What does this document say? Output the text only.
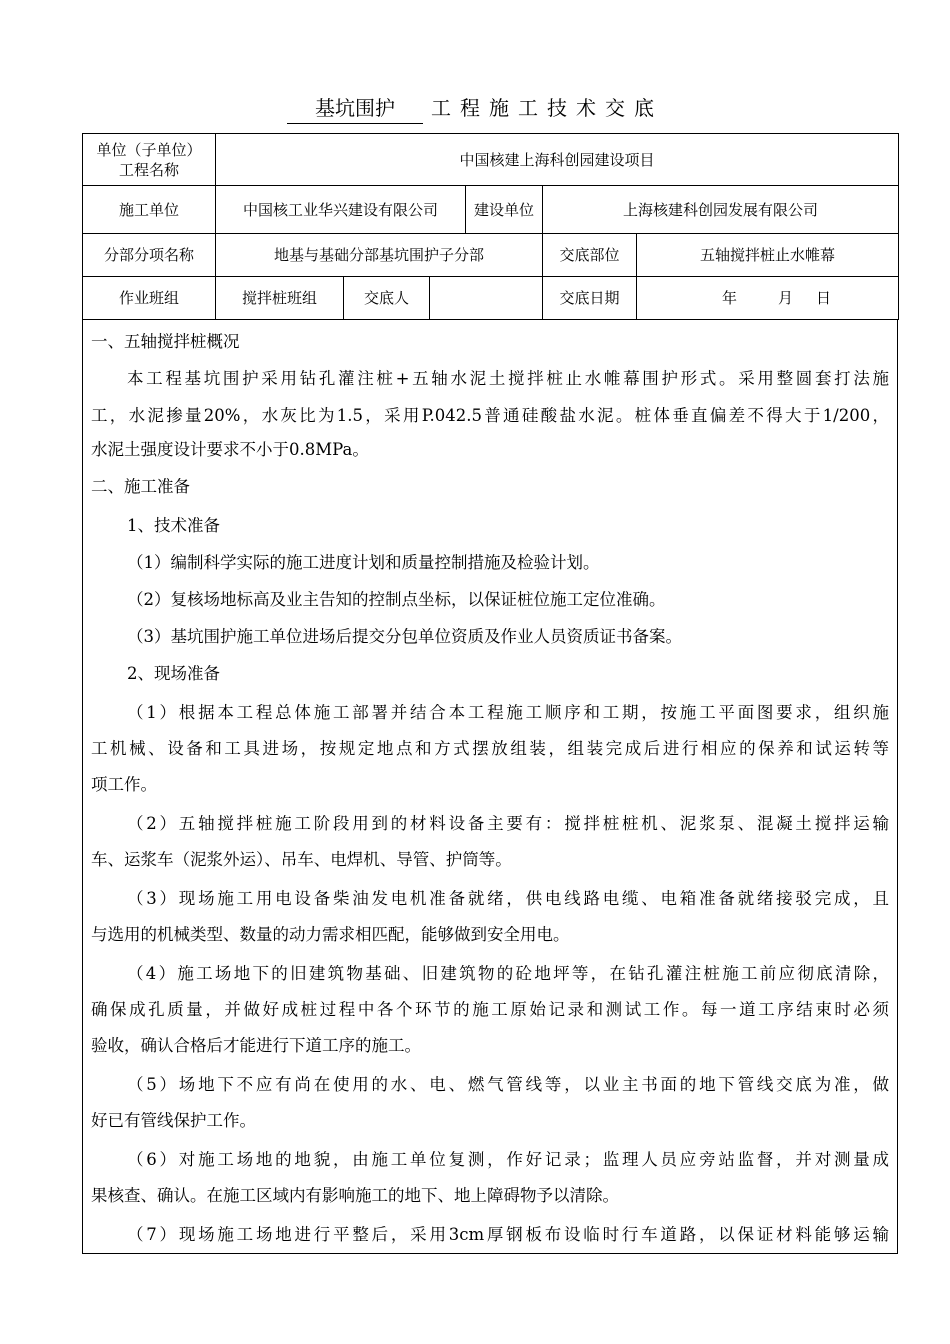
基坑围护 工程施工技术交底
单位（子单位）
工程名称	中国核建上海科创园建设项目					
施工单位	中国核工业华兴建设有限公司			建设单位	上海核建科创园发展有限公司	
分部分项名称	地基与基础分部基坑围护子分部				交底部位	五轴搅拌桩止水帷幕
作业班组	搅拌桩班组	交底人			交底日期	年 月 日
一、五轴搅拌桩概况
本工程基坑围护采用钻孔灌注桩+五轴水泥土搅拌桩止水帷幕围护形式。采用整圆套打法施
工，水泥掺量20%，水灰比为1.5，采用P.042.5普通硅酸盐水泥。桩体垂直偏差不得大于1/200，
水泥土强度设计要求不小于0.8MPa。
二、施工准备
1、技术准备
（1）编制科学实际的施工进度计划和质量控制措施及检验计划。
（2）复核场地标高及业主告知的控制点坐标，以保证桩位施工定位准确。
（3）基坑围护施工单位进场后提交分包单位资质及作业人员资质证书备案。
2、现场准备
（1）根据本工程总体施工部署并结合本工程施工顺序和工期，按施工平面图要求，组织施
工机械、设备和工具进场，按规定地点和方式摆放组装，组装完成后进行相应的保养和试运转等
项工作。
（2）五轴搅拌桩施工阶段用到的材料设备主要有：搅拌桩桩机、泥浆泵、混凝土搅拌运输
车、运浆车（泥浆外运）、吊车、电焊机、导管、护筒等。
（3）现场施工用电设备柴油发电机准备就绪，供电线路电缆、电箱准备就绪接驳完成，且
与选用的机械类型、数量的动力需求相匹配，能够做到安全用电。
（4）施工场地下的旧建筑物基础、旧建筑物的砼地坪等，在钻孔灌注桩施工前应彻底清除，
确保成孔质量，并做好成桩过程中各个环节的施工原始记录和测试工作。每一道工序结束时必须
验收，确认合格后才能进行下道工序的施工。
（5）场地下不应有尚在使用的水、电、燃气管线等，以业主书面的地下管线交底为准，做
好已有管线保护工作。
（6）对施工场地的地貌，由施工单位复测，作好记录；监理人员应旁站监督，并对测量成
果核查、确认。在施工区域内有影响施工的地下、地上障碍物予以清除。
（7）现场施工场地进行平整后，采用3cm厚钢板布设临时行车道路，以保证材料能够运输
